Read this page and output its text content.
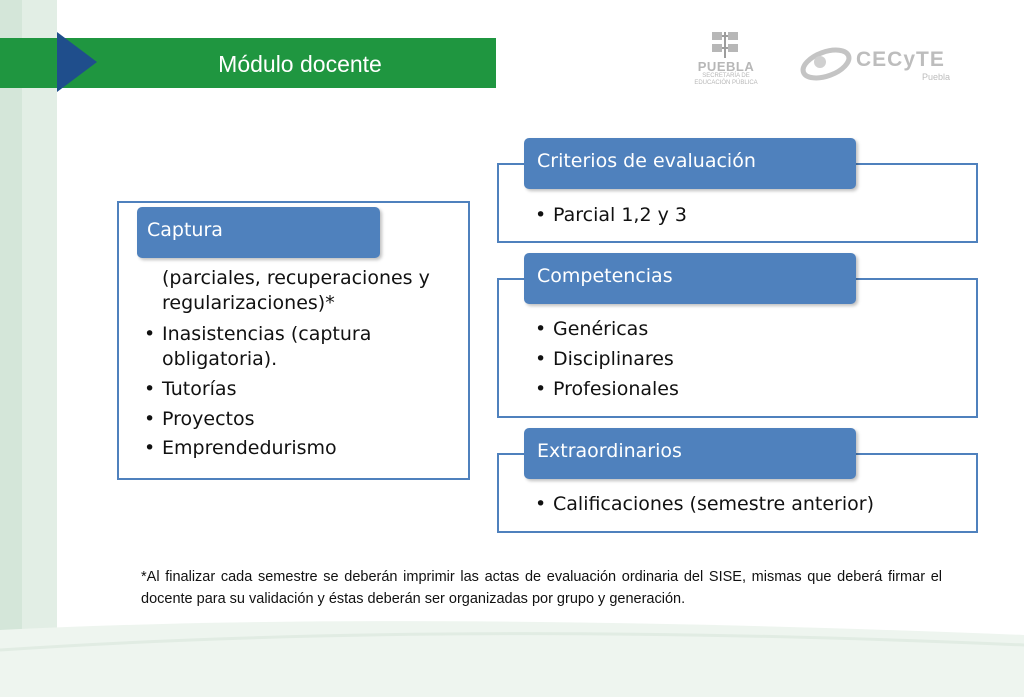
Módulo docente	PUEBLA
SECRETARÍA DE
EDUCACIÓN PÚBLICA
CECyTE
Puebla
Captura
(parciales, recuperaciones y
regularizaciones)*
• Inasistencias (captura
obligatoria).
• Tutorías
• Proyectos
• Emprendedurismo
Criterios de evaluación
• Parcial 1,2 y 3
Competencias
• Genéricas
• Disciplinares
• Profesionales
Extraordinarios
• Calificaciones (semestre anterior)
*Al finalizar cada semestre se deberán imprimir las actas de evaluación ordinaria del SISE, mismas que deberá firmar el docente para su validación y éstas deberán ser organizadas por grupo y generación.
